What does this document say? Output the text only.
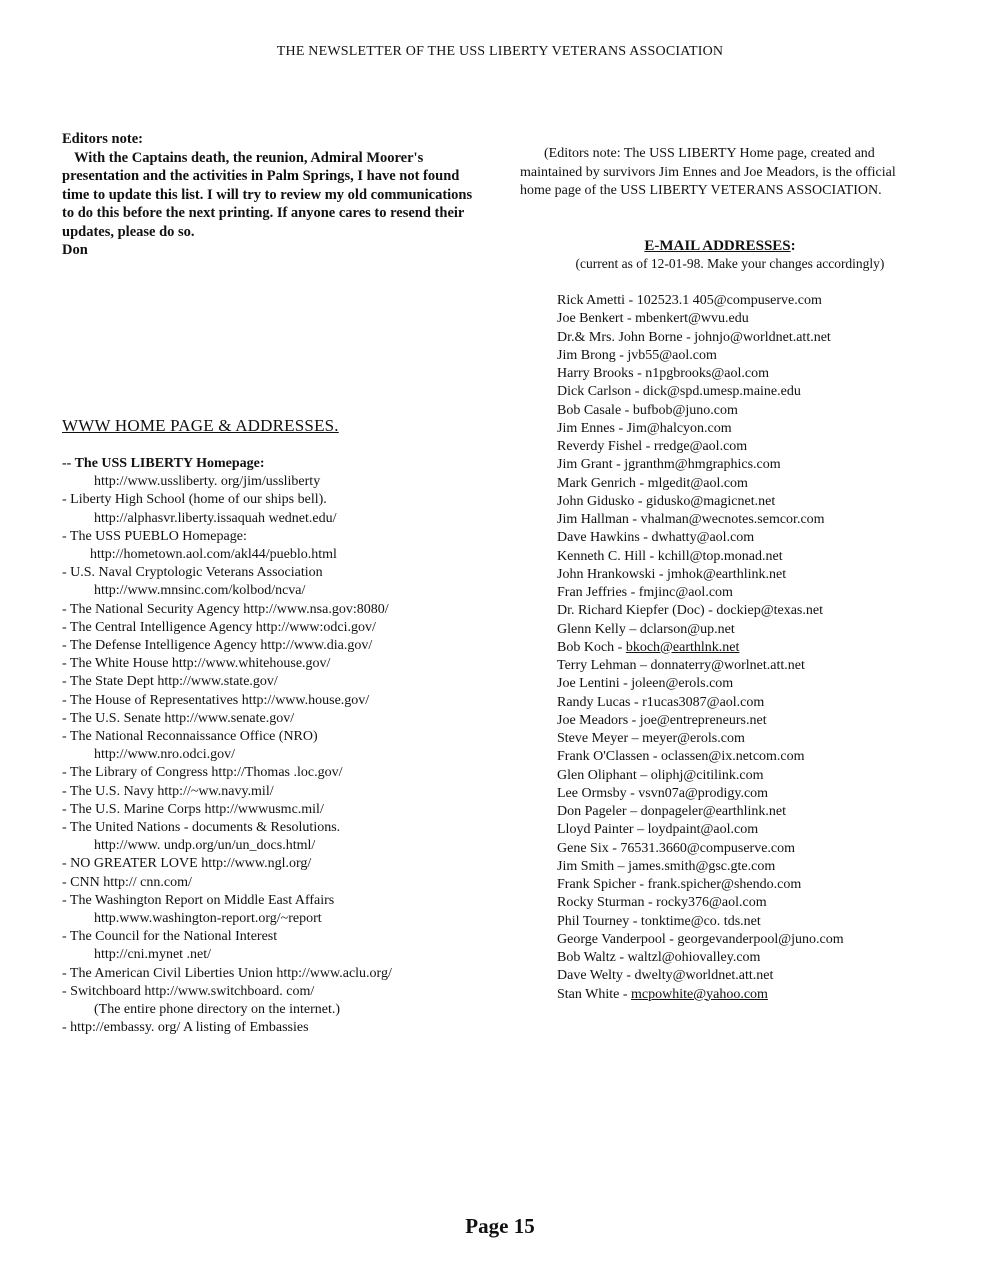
THE NEWSLETTER OF THE USS LIBERTY VETERANS ASSOCIATION
Editors note:

With the Captains death, the reunion, Admiral Moorer's presentation and the activities in Palm Springs, I have not found time to update this list. I will try to review my old communications to do this before the next printing. If anyone cares to resend their updates, please do so.

Don
WWW HOME PAGE & ADDRESSES.
-- The USS LIBERTY Homepage:
http://www.ussliberty. org/jim/ussliberty
- Liberty High School (home of our ships bell).
http://alphasvr.liberty.issaquah wednet.edu/
- The USS PUEBLO Homepage:
http://hometown.aol.com/akl44/pueblo.html
- U.S. Naval Cryptologic Veterans Association
http://www.mnsinc.com/kolbod/ncva/
- The National Security Agency http://www.nsa.gov:8080/
- The Central Intelligence Agency http://www:odci.gov/
- The Defense Intelligence Agency http://www.dia.gov/
- The White House http://www.whitehouse.gov/
- The State Dept http://www.state.gov/
- The House of Representatives http://www.house.gov/
- The U.S. Senate http://www.senate.gov/
- The National Reconnaissance Office (NRO)
http://www.nro.odci.gov/
- The Library of Congress http://Thomas .loc.gov/
- The U.S. Navy http://~ww.navy.mil/
- The U.S. Marine Corps http://wwwusmc.mil/
- The United Nations - documents & Resolutions.
http://www. undp.org/un/un_docs.html/
- NO GREATER LOVE http://www.ngl.org/
- CNN http:// cnn.com/
- The Washington Report on Middle East Affairs
http.www.washington-report.org/~report
- The Council for the National Interest
http://cni.mynet .net/
- The American Civil Liberties Union http://www.aclu.org/
- Switchboard http://www.switchboard. com/
(The entire phone directory on the internet.)
- http://embassy. org/ A listing of Embassies

(Editors note: The USS LIBERTY Home page, created and maintained by survivors Jim Ennes and Joe Meadors, is the official home page of the USS LIBERTY VETERANS ASSOCIATION.

E-MAIL ADDRESSES:
(current as of 12-01-98. Make your changes accordingly)
Rick Ametti - 102523.1 405@compuserve.com
Joe Benkert - mbenkert@wvu.edu
Dr.& Mrs. John Borne - johnjo@worldnet.att.net
Jim Brong - jvb55@aol.com
Harry Brooks - n1pgbrooks@aol.com
Dick Carlson - dick@spd.umesp.maine.edu
Bob Casale - bufbob@juno.com
Jim Ennes - Jim@halcyon.com
Reverdy Fishel - rredge@aol.com
Jim Grant - jgranthm@hmgraphics.com
Mark Genrich - mlgedit@aol.com
John Gidusko - gidusko@magicnet.net
Jim Hallman - vhalman@wecnotes.semcor.com
Dave Hawkins - dwhatty@aol.com
Kenneth C. Hill - kchill@top.monad.net
John Hrankowski - jmhok@earthlink.net
Fran Jeffries - fmjinc@aol.com
Dr. Richard Kiepfer (Doc) - dockiep@texas.net
Glenn Kelly – dclarson@up.net
Bob Koch - bkoch@earthlnk.net
Terry Lehman – donnaterry@worlnet.att.net
Joe Lentini - joleen@erols.com
Randy Lucas - r1ucas3087@aol.com
Joe Meadors - joe@entrepreneurs.net
Steve Meyer – meyer@erols.com
Frank O'Classen - oclassen@ix.netcom.com
Glen Oliphant – oliphj@citilink.com
Lee Ormsby - vsvn07a@prodigy.com
Don Pageler – donpageler@earthlink.net
Lloyd Painter – loydpaint@aol.com
Gene Six - 76531.3660@compuserve.com
Jim Smith – james.smith@gsc.gte.com
Frank Spicher - frank.spicher@shendo.com
Rocky Sturman - rocky376@aol.com
Phil Tourney - tonktime@co. tds.net
George Vanderpool - georgevanderpool@juno.com
Bob Waltz - waltzl@ohiovalley.com
Dave Welty - dwelty@worldnet.att.net
Stan White - mcpowhite@yahoo.com
Page 15
